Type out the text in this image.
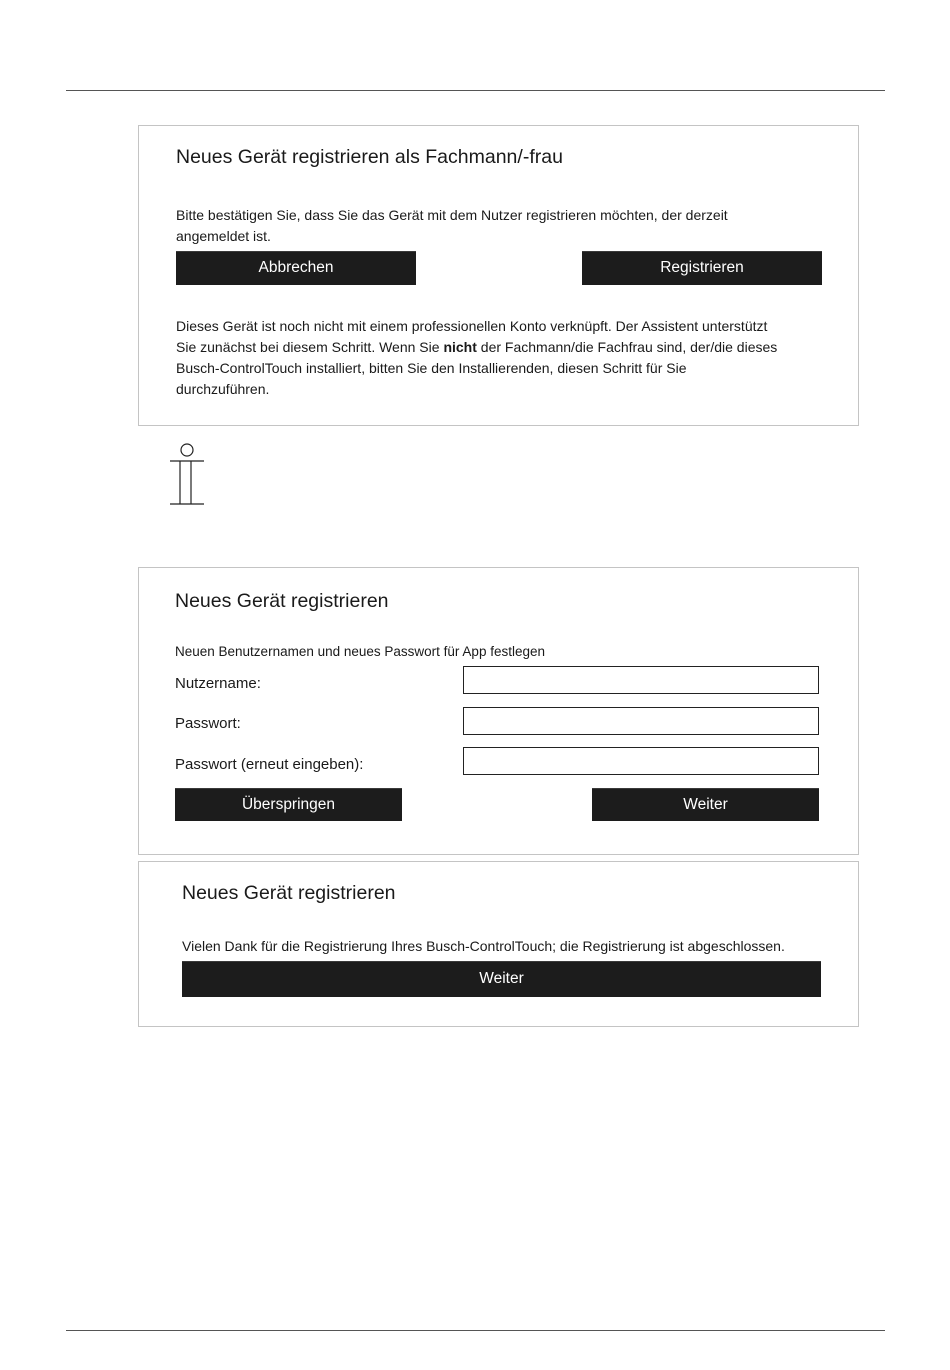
Neues Gerät registrieren als Fachmann/-frau
Bitte bestätigen Sie, dass Sie das Gerät mit dem Nutzer registrieren möchten, der derzeit
angemeldet ist.
Abbrechen	Registrieren
Dieses Gerät ist noch nicht mit einem professionellen Konto verknüpft. Der Assistent unterstützt
Sie zunächst bei diesem Schritt. Wenn Sie nicht der Fachmann/die Fachfrau sind, der/die dieses
Busch-ControlTouch installiert, bitten Sie den Installierenden, diesen Schritt für Sie
durchzuführen.
Neues Gerät registrieren
Neuen Benutzernamen und neues Passwort für App festlegen
Nutzername:
Passwort:
Passwort (erneut eingeben):
Überspringen	Weiter
Neues Gerät registrieren
Vielen Dank für die Registrierung Ihres Busch-ControlTouch; die Registrierung ist abgeschlossen.
Weiter
